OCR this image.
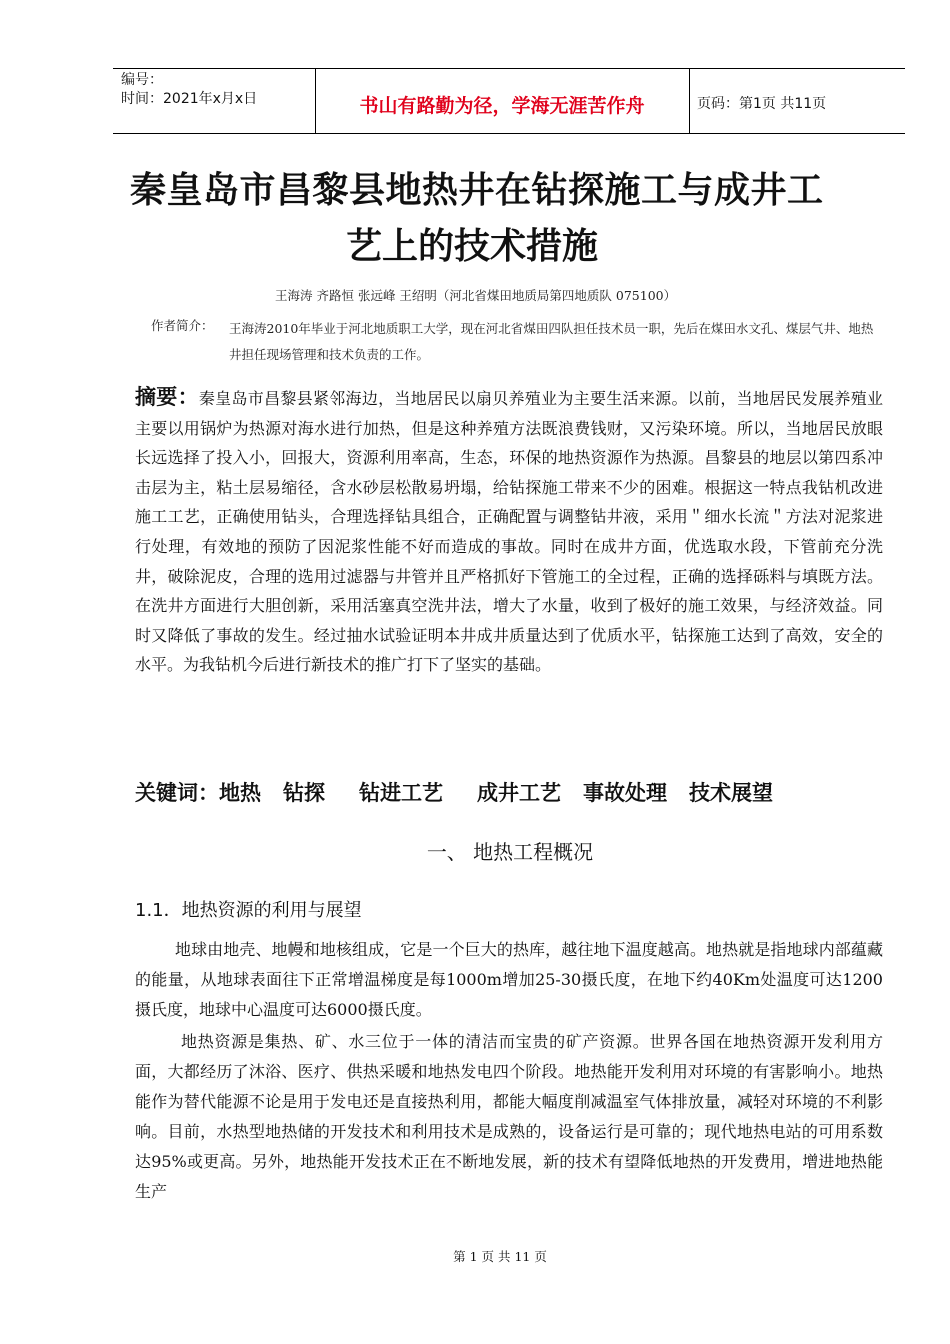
编号：
时间：2021年x月x日	书山有路勤为径，学海无涯苦作舟	页码：第1页 共11页
秦皇岛市昌黎县地热井在钻探施工与成井工
艺上的技术措施
王海涛 齐路恒 张远峰 王绍明（河北省煤田地质局第四地质队 075100）
作者简介： 王海涛2010年毕业于河北地质职工大学，现在河北省煤田四队担任技术员一职，先后在煤田水文孔、煤层气井、地热井担任现场管理和技术负责的工作。

摘要：秦皇岛市昌黎县紧邻海边，当地居民以扇贝养殖业为主要生活来源。以前，当地居民发展养殖业主要以用锅炉为热源对海水进行加热，但是这种养殖方法既浪费钱财，又污染环境。所以，当地居民放眼长远选择了投入小，回报大，资源利用率高，生态，环保的地热资源作为热源。昌黎县的地层以第四系冲击层为主，粘土层易缩径，含水砂层松散易坍塌，给钻探施工带来不少的困难。根据这一特点我钻机改进施工工艺，正确使用钻头，合理选择钻具组合，正确配置与调整钻井液，采用＂细水长流＂方法对泥浆进行处理，有效地的预防了因泥浆性能不好而造成的事故。同时在成井方面，优选取水段，下管前充分洗井，破除泥皮，合理的选用过滤器与井管并且严格抓好下管施工的全过程，正确的选择砾料与填既方法。在洗井方面进行大胆创新，采用活塞真空洗井法，增大了水量，收到了极好的施工效果，与经济效益。同时又降低了事故的发生。经过抽水试验证明本井成井质量达到了优质水平，钻探施工达到了高效，安全的水平。为我钻机今后进行新技术的推广打下了坚实的基础。

关键词：地热 钻探 钻进工艺 成井工艺 事故处理 技术展望
一、 地热工程概况
1.1．地热资源的利用与展望

地球由地壳、地幔和地核组成，它是一个巨大的热库，越往地下温度越高。地热就是指地球内部蕴藏的能量，从地球表面往下正常增温梯度是每1000m增加25-30摄氏度，在地下约40Km处温度可达1200摄氏度，地球中心温度可达6000摄氏度。

地热资源是集热、矿、水三位于一体的清洁而宝贵的矿产资源。世界各国在地热资源开发利用方面，大都经历了沐浴、医疗、供热采暖和地热发电四个阶段。地热能开发利用对环境的有害影响小。地热能作为替代能源不论是用于发电还是直接热利用，都能大幅度削减温室气体排放量，减轻对环境的不利影响。目前，水热型地热储的开发技术和利用技术是成熟的，设备运行是可靠的；现代地热电站的可用系数达95%或更高。另外，地热能开发技术正在不断地发展，新的技术有望降低地热的开发费用，增进地热能生产

第 1 页 共 11 页
